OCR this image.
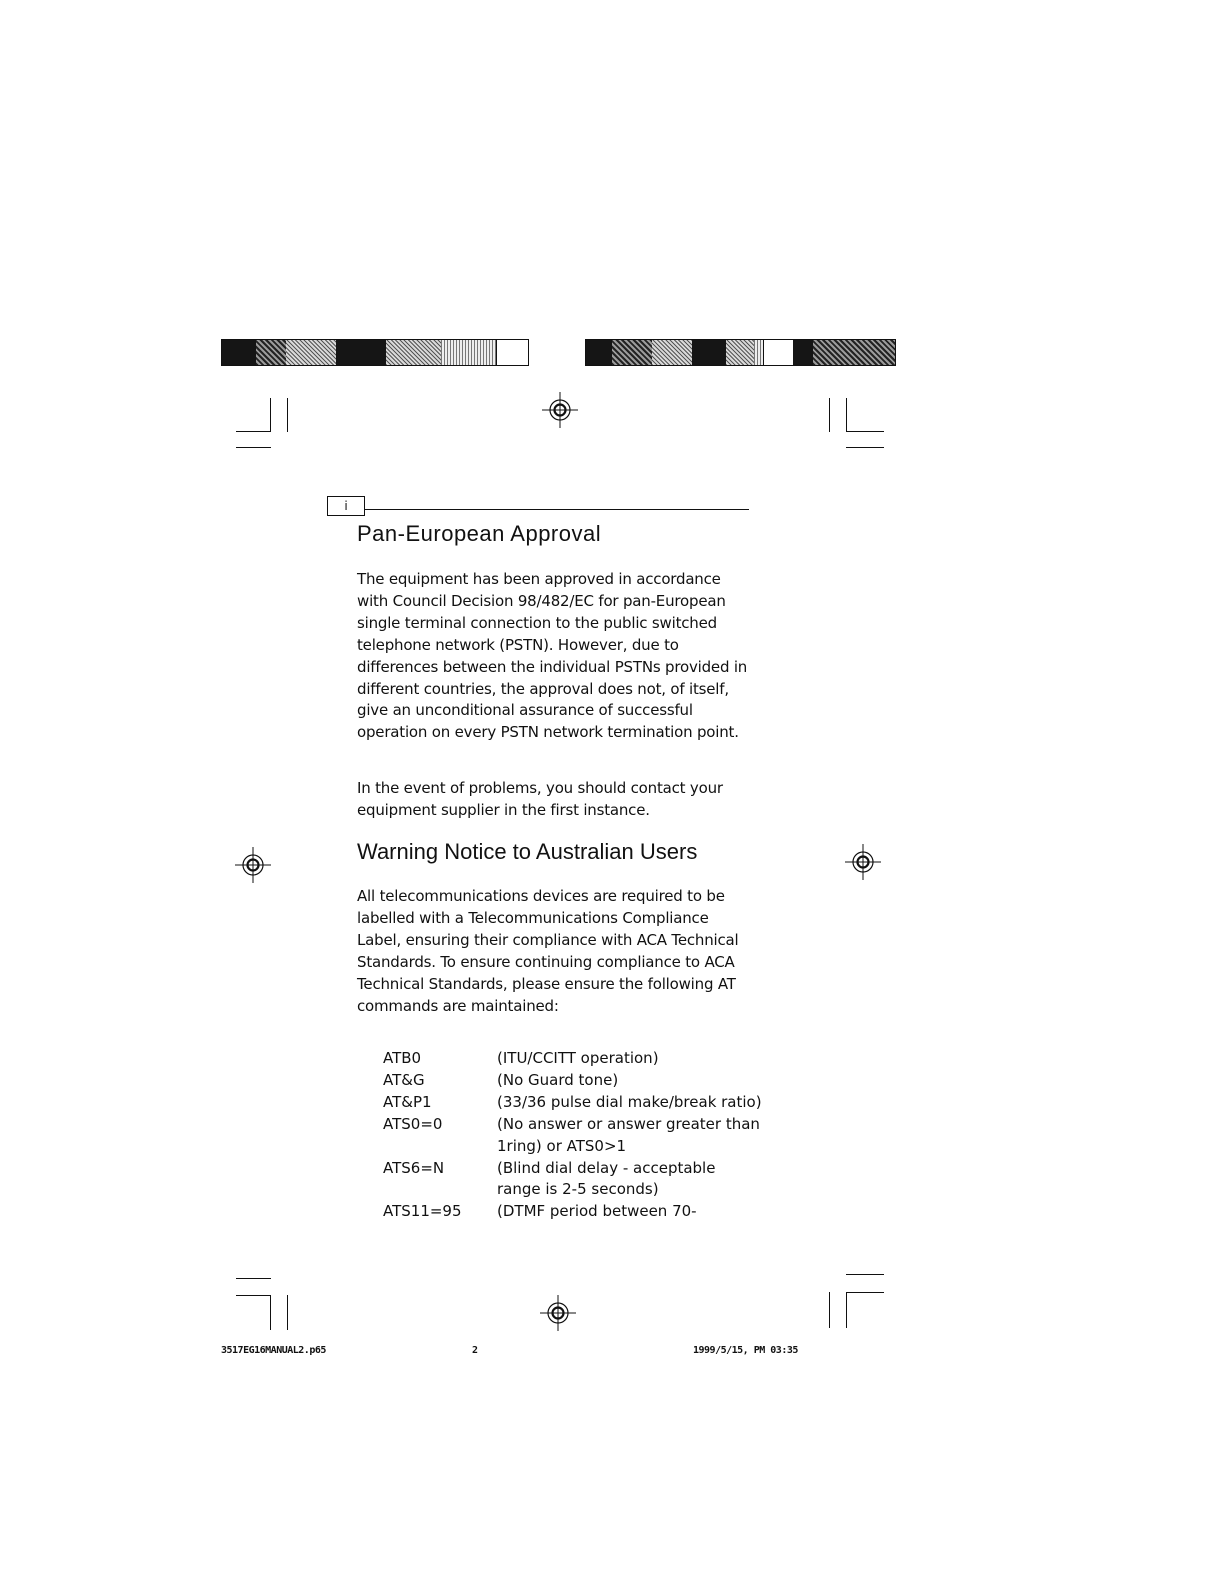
i
Pan-European Approval
Warning Notice to Australian Users
The equipment has been approved in accordance with Council Decision 98/482/EC for pan-European single terminal connection to the public switched telephone network (PSTN). However, due to differences between the individual PSTNs provided in different countries, the approval does not, of itself, give an unconditional assurance of successful operation on every PSTN network termination point.
In the event of problems, you should contact your equipment supplier in the first instance.
All telecommunications devices are required to be labelled with a Telecommunications Compliance Label, ensuring their compliance with ACA Technical Standards. To ensure continuing compliance to ACA Technical Standards, please ensure the following AT commands are maintained:
ATB0	(ITU/CCITT operation)
AT&G	(No Guard tone)
AT&P1	(33/36 pulse dial make/break ratio)
ATS0=0	(No answer or answer greater than 1ring) or ATS0>1
ATS6=N	(Blind dial delay - acceptable range is 2-5 seconds)
ATS11=95	(DTMF period between 70-
3517EG16MANUAL2.p65	2	1999/5/15, PM 03:35
